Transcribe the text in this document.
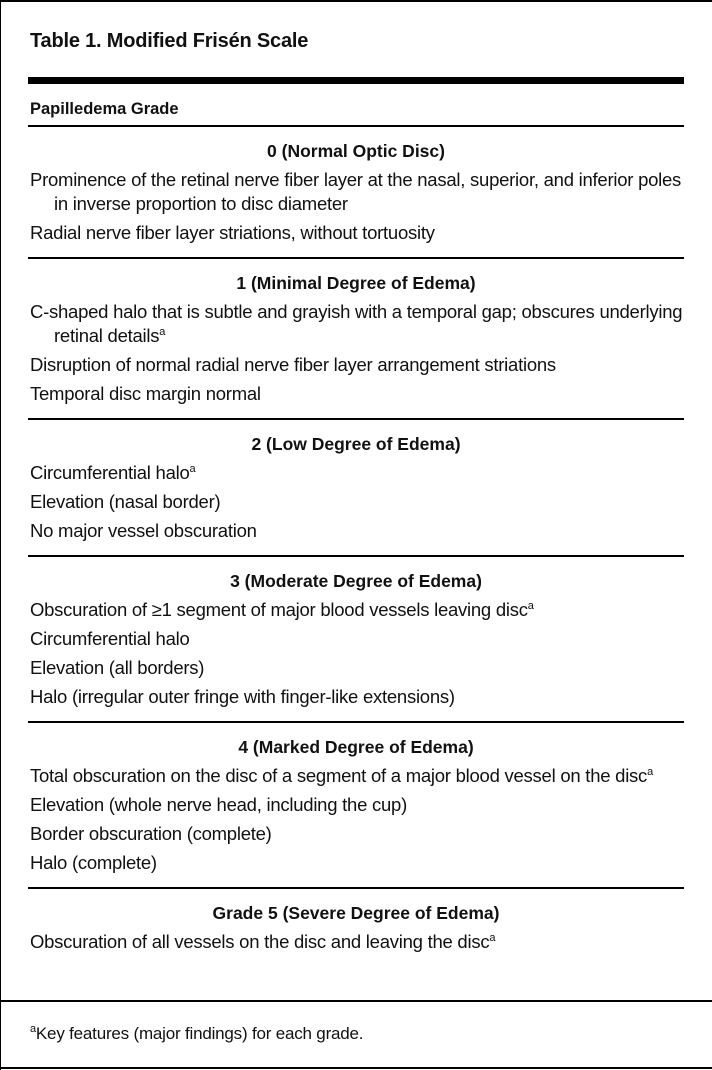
Table 1. Modified Frisén Scale
Papilledema Grade
0 (Normal Optic Disc)
Prominence of the retinal nerve fiber layer at the nasal, superior, and inferior poles in inverse proportion to disc diameter
Radial nerve fiber layer striations, without tortuosity
1 (Minimal Degree of Edema)
C-shaped halo that is subtle and grayish with a temporal gap; obscures underlying retinal details$^a$
Disruption of normal radial nerve fiber layer arrangement striations
Temporal disc margin normal
2 (Low Degree of Edema)
Circumferential halo$^a$
Elevation (nasal border)
No major vessel obscuration
3 (Moderate Degree of Edema)
Obscuration of ≥1 segment of major blood vessels leaving disc$^a$
Circumferential halo
Elevation (all borders)
Halo (irregular outer fringe with finger-like extensions)
4 (Marked Degree of Edema)
Total obscuration on the disc of a segment of a major blood vessel on the disc$^a$
Elevation (whole nerve head, including the cup)
Border obscuration (complete)
Halo (complete)
Grade 5 (Severe Degree of Edema)
Obscuration of all vessels on the disc and leaving the disc$^a$
$^a$Key features (major findings) for each grade.
